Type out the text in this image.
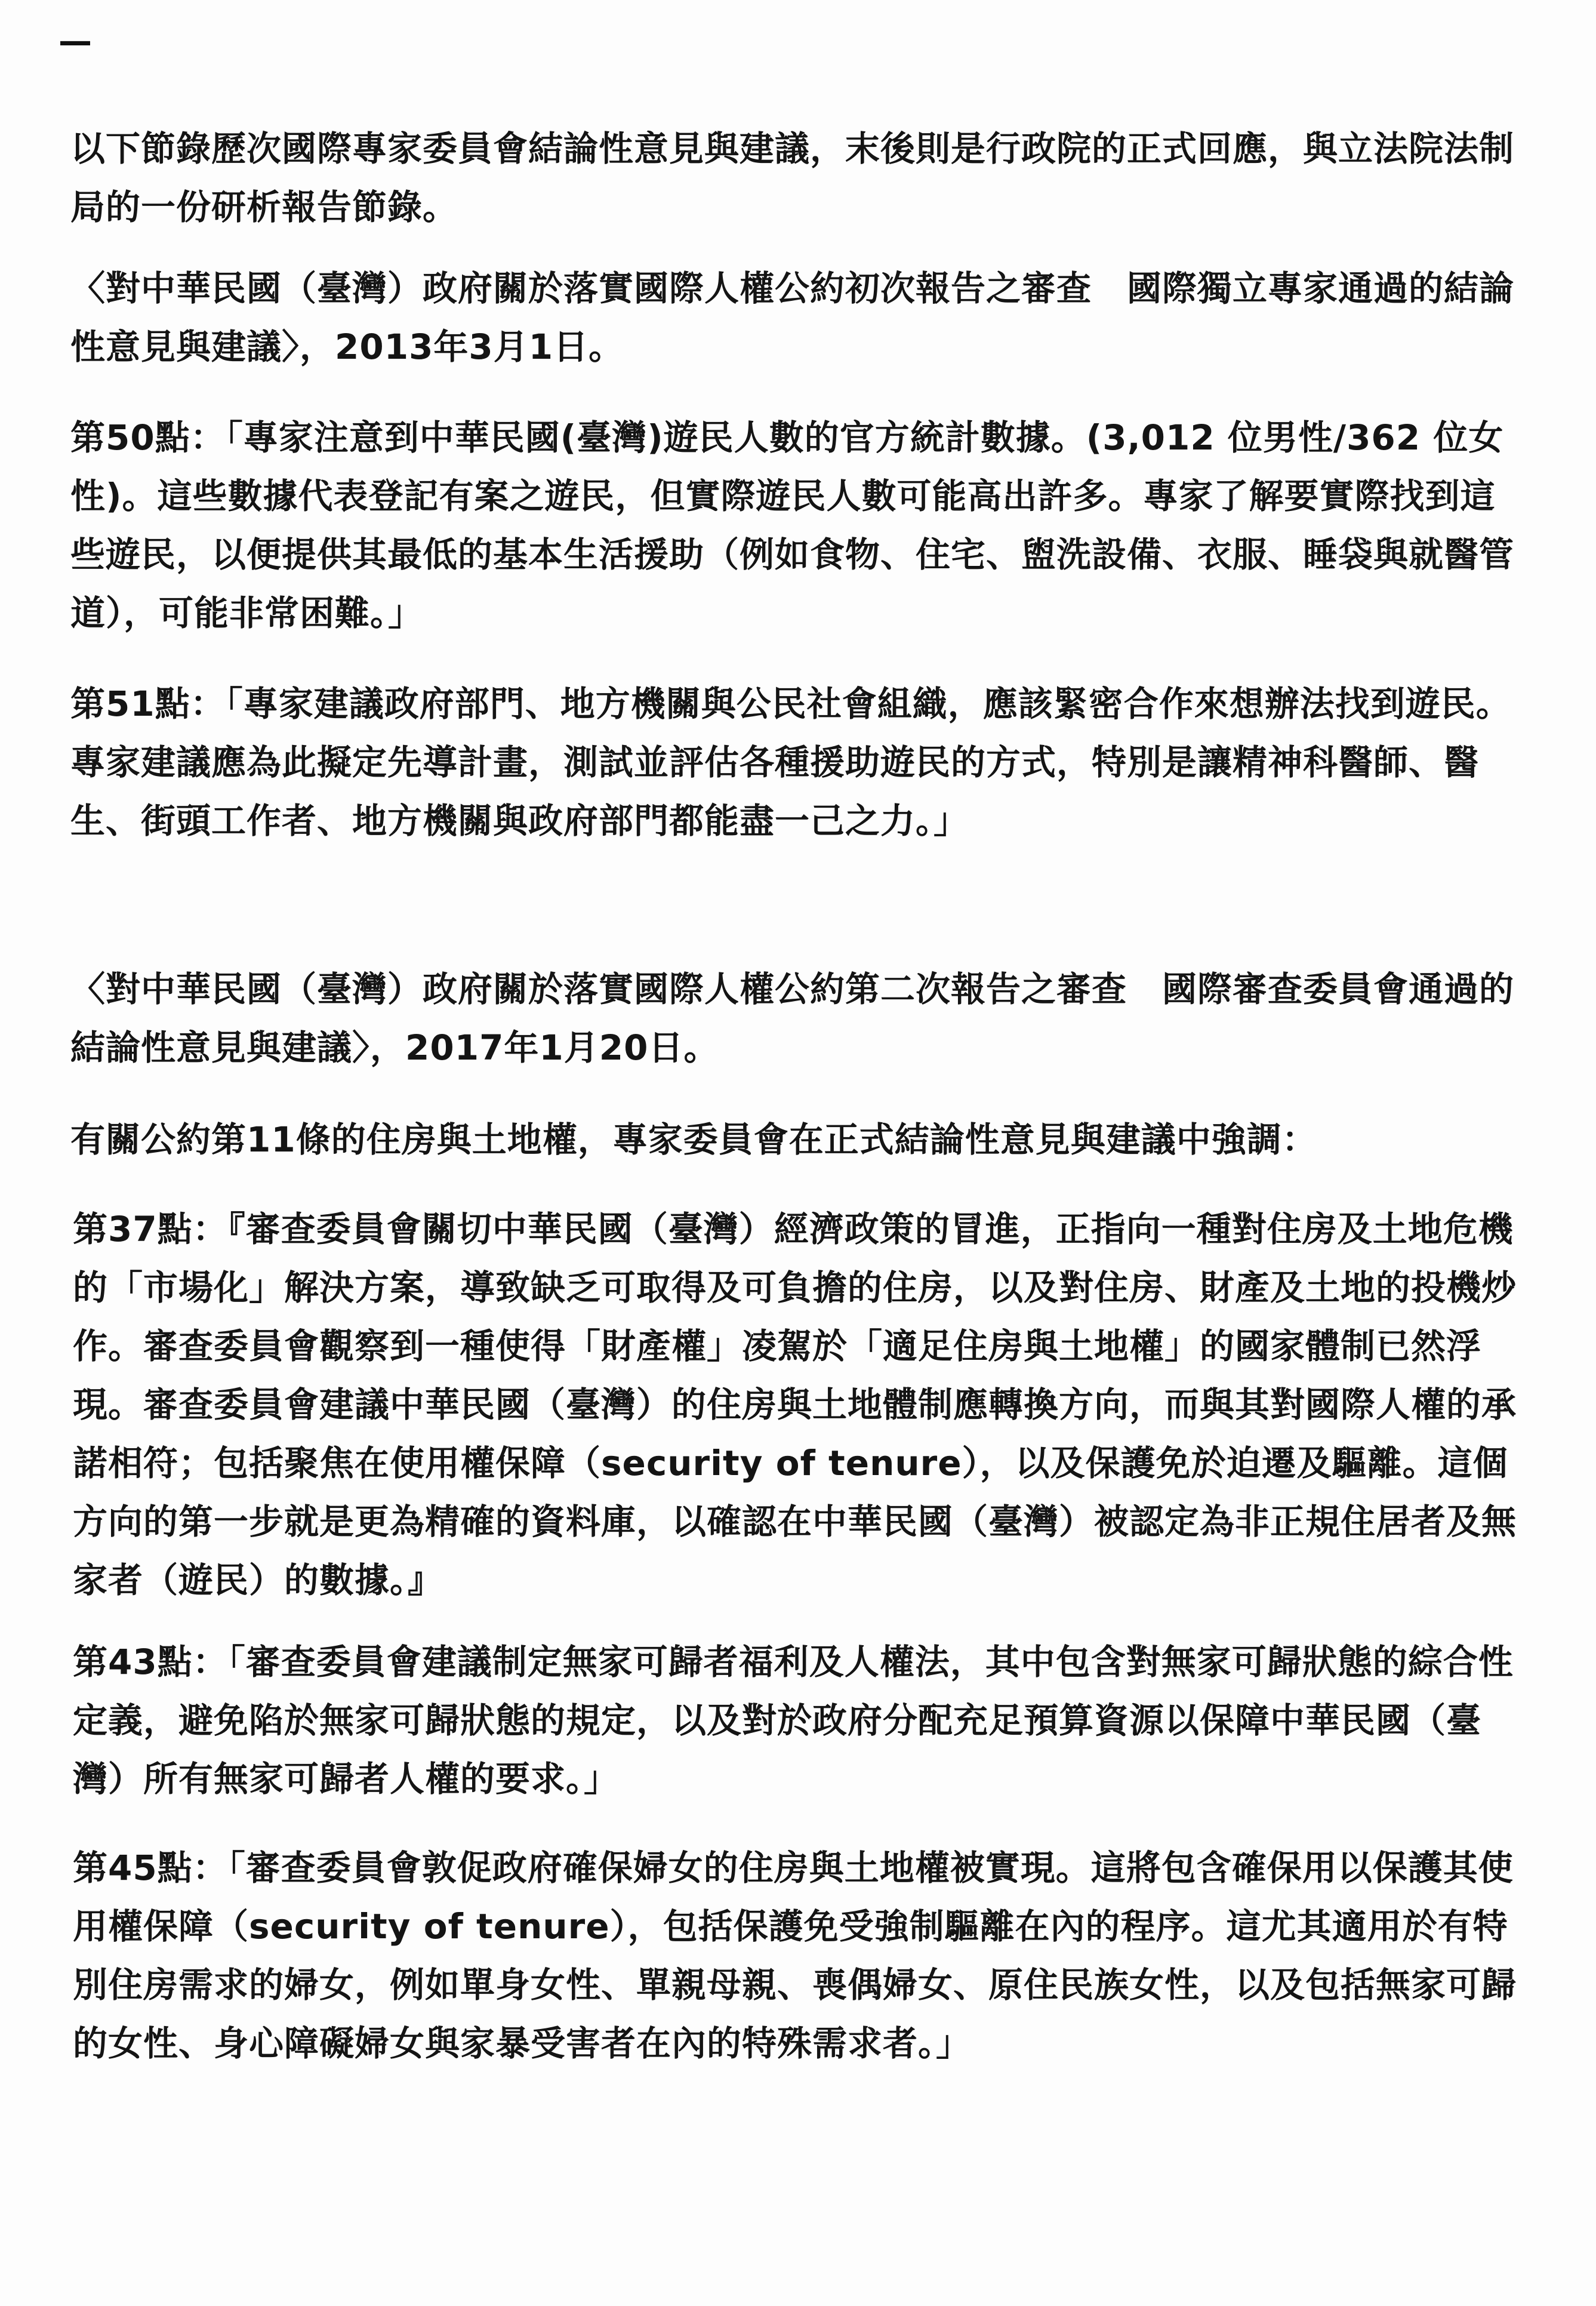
—

以下節錄歷次國際專家委員會結論性意見與建議，末後則是行政院的正式回應，與立法院法制局的一份研析報告節錄。

〈對中華民國（臺灣）政府關於落實國際人權公約初次報告之審查　國際獨立專家通過的結論性意見與建議〉，2013年3月1日。

第50點：「專家注意到中華民國(臺灣)遊民人數的官方統計數據。(3,012 位男性/362 位女性)。這些數據代表登記有案之遊民，但實際遊民人數可能高出許多。專家了解要實際找到這些遊民，以便提供其最低的基本生活援助（例如食物、住宅、盥洗設備、衣服、睡袋與就醫管道），可能非常困難。」

第51點：「專家建議政府部門、地方機關與公民社會組織，應該緊密合作來想辦法找到遊民。專家建議應為此擬定先導計畫，測試並評估各種援助遊民的方式，特別是讓精神科醫師、醫生、街頭工作者、地方機關與政府部門都能盡一己之力。」

〈對中華民國（臺灣）政府關於落實國際人權公約第二次報告之審查　國際審查委員會通過的結論性意見與建議〉，2017年1月20日。

有關公約第11條的住房與土地權，專家委員會在正式結論性意見與建議中強調：

第37點：『審查委員會關切中華民國（臺灣）經濟政策的冒進，正指向一種對住房及土地危機的「市場化」解決方案，導致缺乏可取得及可負擔的住房，以及對住房、財產及土地的投機炒作。審查委員會觀察到一種使得「財產權」凌駕於「適足住房與土地權」的國家體制已然浮現。審查委員會建議中華民國（臺灣）的住房與土地體制應轉換方向，而與其對國際人權的承諾相符；包括聚焦在使用權保障（security of tenure），以及保護免於迫遷及驅離。這個方向的第一步就是更為精確的資料庫，以確認在中華民國（臺灣）被認定為非正規住居者及無家者（遊民）的數據。』

第43點：「審查委員會建議制定無家可歸者福利及人權法，其中包含對無家可歸狀態的綜合性定義，避免陷於無家可歸狀態的規定，以及對於政府分配充足預算資源以保障中華民國（臺灣）所有無家可歸者人權的要求。」

第45點：「審查委員會敦促政府確保婦女的住房與土地權被實現。這將包含確保用以保護其使用權保障（security of tenure），包括保護免受強制驅離在內的程序。這尤其適用於有特別住房需求的婦女，例如單身女性、單親母親、喪偶婦女、原住民族女性，以及包括無家可歸的女性、身心障礙婦女與家暴受害者在內的特殊需求者。」
